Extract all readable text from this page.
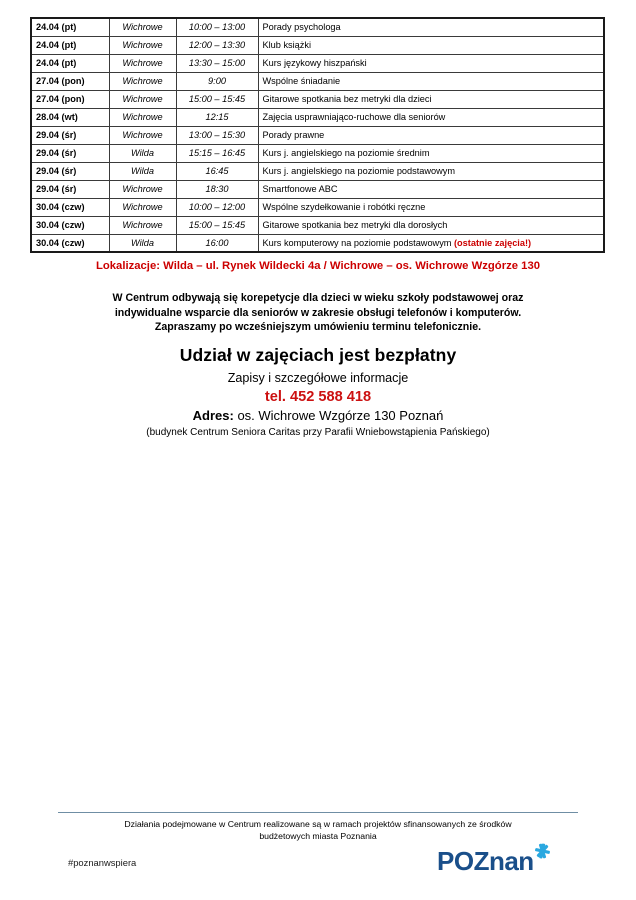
24.04 (pt)	Wichrowe	10:00 – 13:00	Porady psychologa
24.04 (pt)	Wichrowe	12:00 – 13:30	Klub książki
24.04 (pt)	Wichrowe	13:30 – 15:00	Kurs językowy hiszpański
27.04 (pon)	Wichrowe	9:00	Wspólne śniadanie
27.04 (pon)	Wichrowe	15:00 – 15:45	Gitarowe spotkania bez metryki dla dzieci
28.04 (wt)	Wichrowe	12:15	Zajęcia usprawniająco-ruchowe dla seniorów
29.04 (śr)	Wichrowe	13:00 – 15:30	Porady prawne
29.04 (śr)	Wilda	15:15 – 16:45	Kurs j. angielskiego na poziomie średnim
29.04 (śr)	Wilda	16:45	Kurs j. angielskiego na poziomie podstawowym
29.04 (śr)	Wichrowe	18:30	Smartfonowe ABC
30.04 (czw)	Wichrowe	10:00 – 12:00	Wspólne szydełkowanie i robótki ręczne
30.04 (czw)	Wichrowe	15:00 – 15:45	Gitarowe spotkania bez metryki dla dorosłych
30.04 (czw)	Wilda	16:00	Kurs komputerowy na poziomie podstawowym (ostatnie zajęcia!)
Lokalizacje: Wilda – ul. Rynek Wildecki 4a / Wichrowe – os. Wichrowe Wzgórze 130
W Centrum odbywają się korepetycje dla dzieci w wieku szkoły podstawowej oraz
indywidualne wsparcie dla seniorów w zakresie obsługi telefonów i komputerów.
Zapraszamy po wcześniejszym umówieniu terminu telefonicznie.
Udział w zajęciach jest bezpłatny
Zapisy i szczegółowe informacje
tel. 452 588 418
Adres: os. Wichrowe Wzgórze 130 Poznań
(budynek Centrum Seniora Caritas przy Parafii Wniebowstąpienia Pańskiego)
Działania podejmowane w Centrum realizowane są w ramach projektów sfinansowanych ze środków
budżetowych miasta Poznania
#poznanwspiera	POZnan
